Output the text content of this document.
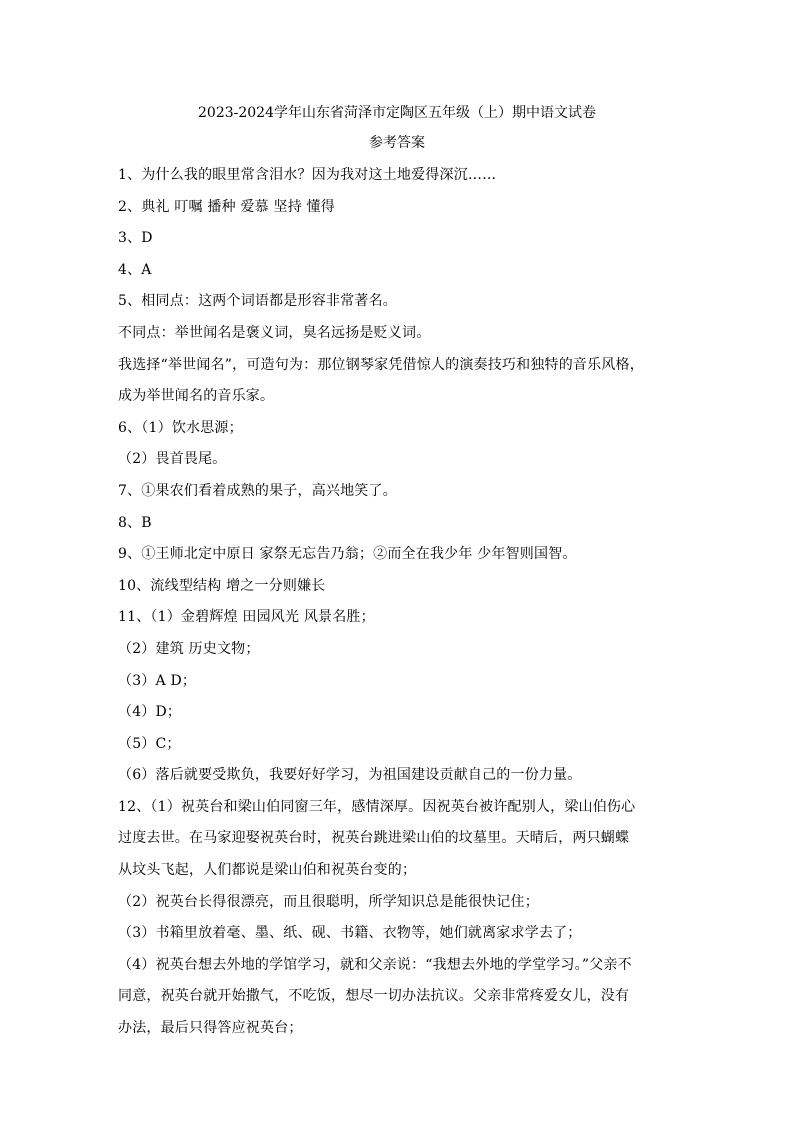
2023-2024学年山东省菏泽市定陶区五年级（上）期中语文试卷
参考答案
1、为什么我的眼里常含泪水？因为我对这土地爱得深沉……
2、典礼 叮嘱 播种 爱慕 坚持 懂得
3、D
4、A
5、相同点：这两个词语都是形容非常著名。
不同点：举世闻名是褒义词，臭名远扬是贬义词。
我选择“举世闻名”，可造句为：那位钢琴家凭借惊人的演奏技巧和独特的音乐风格，
成为举世闻名的音乐家。
6、（1）饮水思源；
（2）畏首畏尾。
7、①果农们看着成熟的果子，高兴地笑了。
8、B
9、①王师北定中原日 家祭无忘告乃翁；②而全在我少年 少年智则国智。
10、流线型结构 增之一分则嫌长
11、（1）金碧辉煌 田园风光 风景名胜；
（2）建筑 历史文物；
（3）A D；
（4）D；
（5）C；
（6）落后就要受欺负，我要好好学习，为祖国建设贡献自己的一份力量。
12、（1）祝英台和梁山伯同窗三年，感情深厚。因祝英台被许配别人，梁山伯伤心
过度去世。在马家迎娶祝英台时，祝英台跳进梁山伯的坟墓里。天晴后，两只蝴蝶
从坟头飞起，人们都说是梁山伯和祝英台变的；
（2）祝英台长得很漂亮，而且很聪明，所学知识总是能很快记住；
（3）书箱里放着毫、墨、纸、砚、书籍、衣物等，她们就离家求学去了；
（4）祝英台想去外地的学馆学习，就和父亲说：“我想去外地的学堂学习。”父亲不
同意，祝英台就开始撒气，不吃饭，想尽一切办法抗议。父亲非常疼爱女儿，没有
办法，最后只得答应祝英台；
